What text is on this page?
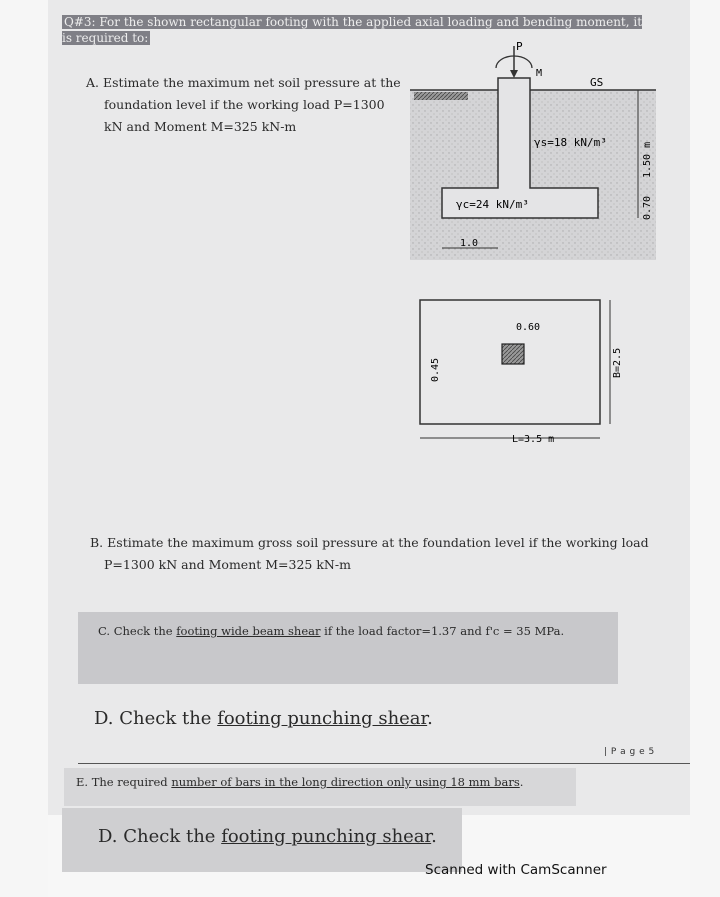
Q#3: For the shown rectangular footing with the applied axial loading and bending moment, it is required to:
A. Estimate the maximum net soil pressure at the
foundation level if the working load P=1300
kN and Moment M=325 kN-m
P
M
GS
γs=18 kN/m³
γc=24 kN/m³
1.50 m
0.70
1.0
0.60
0.45
L=3.5 m
B=2.5
B. Estimate the maximum gross soil pressure at the foundation level if the working load
P=1300 kN and Moment M=325 kN-m
C. Check the footing wide beam shear if the load factor=1.37 and f'c = 35 MPa.
D. Check the footing punching shear.
| P a g e 5
E. The required number of bars in the long direction only using 18 mm bars.
D. Check the footing punching shear.
Scanned with CamScanner
